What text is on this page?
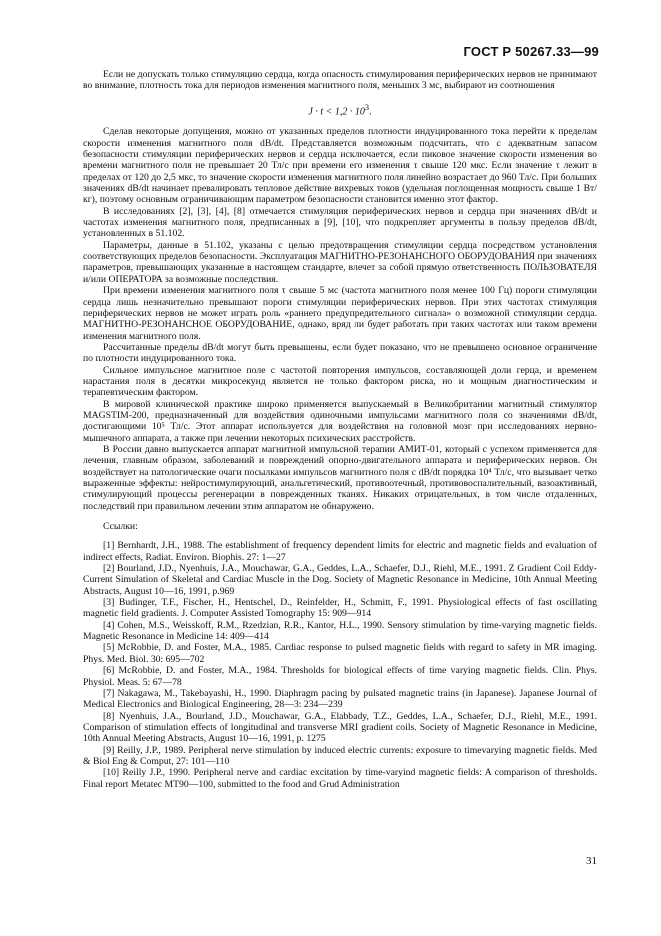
ГОСТ Р 50267.33—99

Если не допускать только стимуляцию сердца, когда опасность стимулирования периферических нервов не принимают во внимание, плотность тока для периодов изменения магнитного поля, меньших 3 мс, выбирают из соотношения

$J \cdot t < 1,2 \cdot 10^3$.

Сделав некоторые допущения, можно от указанных пределов плотности индуцированного тока перейти к пределам скорости изменения магнитного поля dB/dt. Представляется возможным подсчитать, что с адекватным запасом безопасности стимуляции периферических нервов и сердца исключается, если пиковое значение скорости изменения во времени магнитного поля не превышает 20 Тл/с при времени его изменения τ свыше 120 мкс. Если значение τ лежит в пределах от 120 до 2,5 мкс, то значение скорости изменения магнитного поля линейно возрастает до 960 Тл/с. При больших значениях dB/dt начинает превалировать тепловое действие вихревых токов (удельная поглощенная мощность свыше 1 Вт/кг), поэтому основным ограничивающим параметром безопасности становится именно этот фактор.

В исследованиях [2], [3], [4], [8] отмечается стимуляция периферических нервов и сердца при значениях dB/dt и частотах изменения магнитного поля, предписанных в [9], [10], что подкрепляет аргументы в пользу пределов dB/dt, установленных в 51.102.

Параметры, данные в 51.102, указаны с целью предотвращения стимуляции сердца посредством установления соответствующих пределов безопасности. Эксплуатация МАГНИТНО-РЕЗОНАНСНОГО ОБОРУДОВАНИЯ при значениях параметров, превышающих указанные в настоящем стандарте, влечет за собой прямую ответственность ПОЛЬЗОВАТЕЛЯ и/или ОПЕРАТОРА за возможные последствия.

При времени изменения магнитного поля τ свыше 5 мс (частота магнитного поля менее 100 Гц) пороги стимуляции сердца лишь незначительно превышают пороги стимуляции периферических нервов. При этих частотах стимуляция периферических нервов не может играть роль «раннего предупредительного сигнала» о возможной стимуляции сердца. МАГНИТНО-РЕЗОНАНСНОЕ ОБОРУДОВАНИЕ, однако, вряд ли будет работать при таких частотах или таком времени изменения магнитного поля.

Рассчитанные пределы dB/dt могут быть превышены, если будет показано, что не превышено основное ограничение по плотности индуцированного тока.

Сильное импульсное магнитное поле с частотой повторения импульсов, составляющей доли герца, и временем нарастания поля в десятки микросекунд является не только фактором риска, но и мощным диагностическим и терапевтическим фактором.

В мировой клинической практике широко применяется выпускаемый в Великобритании магнитный стимулятор MAGSTIM-200, предназначенный для воздействия одиночными импульсами магнитного поля со значениями dB/dt, достигающими 10⁵ Тл/с. Этот аппарат используется для воздействия на головной мозг при исследованиях нервно-мышечного аппарата, а также при лечении некоторых психических расстройств.

В России давно выпускается аппарат магнитной импульсной терапии АМИТ-01, который с успехом применяется для лечения, главным образом, заболеваний и повреждений опорно-двигательного аппарата и периферических нервов. Он воздействует на патологические очаги посылками импульсов магнитного поля с dB/dt порядка 10⁴ Тл/с, что вызывает четко выраженные эффекты: нейростимулирующий, анальгетический, противоотечный, противовоспалительный, вазоактивный, стимулирующий процессы регенерации в поврежденных тканях. Никаких отрицательных, в том числе отдаленных, последствий при правильном лечении этим аппаратом не обнаружено.

Ссылки:

[1] Bernhardt, J.H., 1988. The establishment of frequency dependent limits for electric and magnetic fields and evaluation of indirect effects, Radiat. Environ. Biophis. 27: 1—27

[2] Bourland, J.D., Nyenhuis, J.A., Mouchawar, G.A., Geddes, L.A., Schaefer, D.J., Riehl, M.E., 1991. Z Gradient Coil Eddy-Current Simulation of Skeletal and Cardiac Muscle in the Dog. Society of Magnetic Resonance in Medicine, 10th Annual Meeting Abstracts, August 10—16, 1991, p.969

[3] Budinger, T.F., Fischer, H., Hentschel, D., Reinfelder, H., Schmitt, F., 1991. Physiological effects of fast oscillating magnetic field gradients. J. Computer Assisted Tomography 15: 909—914

[4] Cohen, M.S., Weisskoff, R.M., Rzedzian, R.R., Kantor, H.L., 1990. Sensory stimulation by time-varying magnetic fields. Magnetic Resonance in Medicine 14: 409—414

[5] McRobbie, D. and Foster, M.A., 1985. Cardiac response to pulsed magnetic fields with regard to safety in MR imaging. Phys. Med. Biol. 30: 695—702

[6] McRobbie, D. and Foster, M.A., 1984. Thresholds for biological effects of time varying magnetic fields. Clin. Phys. Physiol. Meas. 5: 67—78

[7] Nakagawa, M., Takebayashi, H., 1990. Diaphragm pacing by pulsated magnetic trains (in Japanese). Japanese Journal of Medical Electronics and Biological Engineering, 28—3: 234—239

[8] Nyenhuis, J.A., Bourland, J.D., Mouchawar, G.A., Elabbady, T.Z., Geddes, L.A., Schaefer, D.J., Riehl, M.E., 1991. Comparison of stimulation effects of longitudinal and transverse MRI gradient coils. Society of Magnetic Resonance in Medicine, 10th Annual Meeting Abstracts, August 10—16, 1991, p. 1275

[9] Reilly, J.P., 1989. Peripheral nerve stimulation by induced electric currents: exposure to timevarying magnetic fields. Med & Biol Eng & Comput, 27: 101—110

[10] Reilly J.P., 1990. Peripheral nerve and cardiac excitation by time-varyind magnetic fields: A comparison of thresholds. Final report Metatec MT90—100, submitted to the food and Grud Administration

31
